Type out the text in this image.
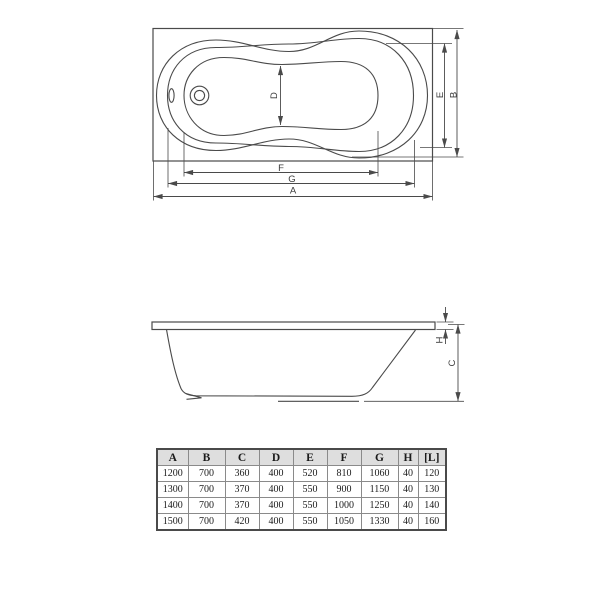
D	E B
F
G
A
H
C
A	B	C	D	E	F	G	H	[L]
1200	700	360	400	520	810	1060	40	120
1300	700	370	400	550	900	1150	40	130
1400	700	370	400	550	1000	1250	40	140
1500	700	420	400	550	1050	1330	40	160
